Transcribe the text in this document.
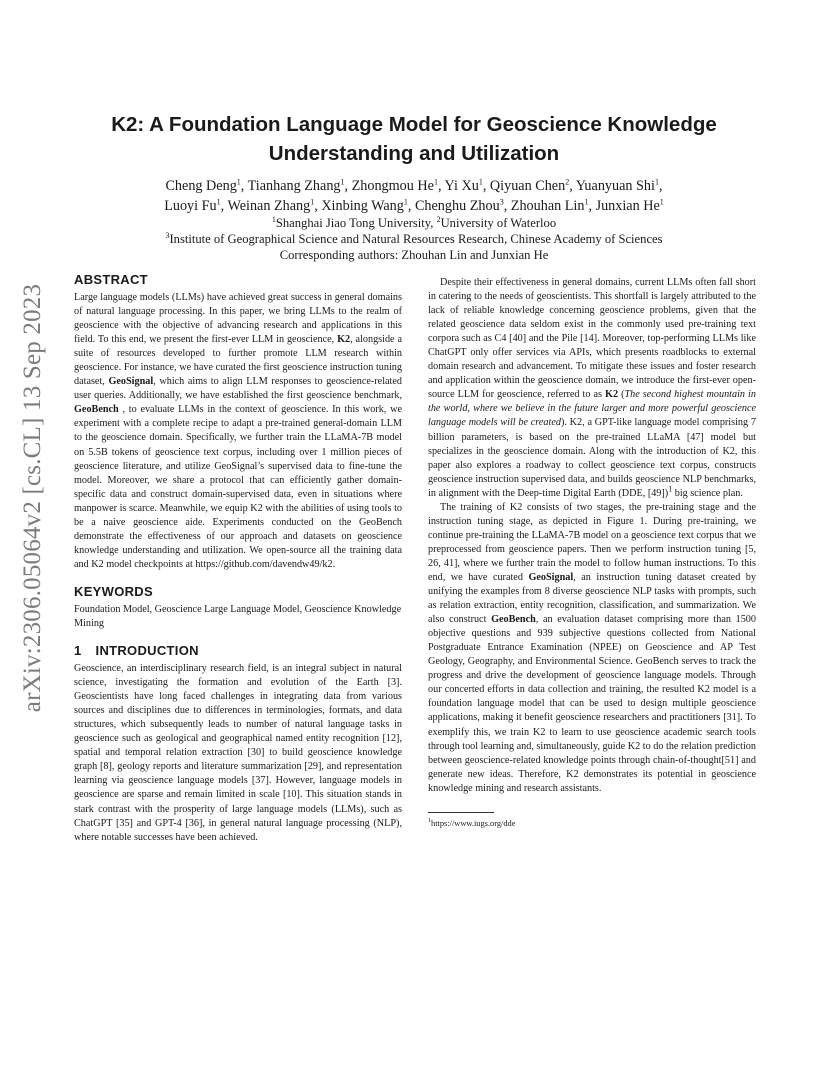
arXiv:2306.05064v2 [cs.CL] 13 Sep 2023
K2: A Foundation Language Model for Geoscience Knowledge Understanding and Utilization
Cheng Deng$^1$, Tianhang Zhang$^1$, Zhongmou He$^1$, Yi Xu$^1$, Qiyuan Chen$^2$, Yuanyuan Shi$^1$,
Luoyi Fu$^1$, Weinan Zhang$^1$, Xinbing Wang$^1$, Chenghu Zhou$^3$, Zhouhan Lin$^1$, Junxian He$^1$
$^1$Shanghai Jiao Tong University, $^2$University of Waterloo
$^3$Institute of Geographical Science and Natural Resources Research, Chinese Academy of Sciences
Corresponding authors: Zhouhan Lin and Junxian He
ABSTRACT

Large language models (LLMs) have achieved great success in general domains of natural language processing. In this paper, we bring LLMs to the realm of geoscience with the objective of advancing research and applications in this field. To this end, we present the first-ever LLM in geoscience, K2, alongside a suite of resources developed to further promote LLM research within geoscience. For instance, we have curated the first geoscience instruction tuning dataset, GeoSignal, which aims to align LLM responses to geoscience-related user queries. Additionally, we have established the first geoscience benchmark, GeoBench , to evaluate LLMs in the context of geoscience. In this work, we experiment with a complete recipe to adapt a pre-trained general-domain LLM to the geoscience domain. Specifically, we further train the LLaMA-7B model on 5.5B tokens of geoscience text corpus, including over 1 million pieces of geoscience literature, and utilize GeoSignal’s supervised data to fine-tune the model. Moreover, we share a protocol that can efficiently gather domain-specific data and construct domain-supervised data, even in situations where manpower is scarce. Meanwhile, we equip K2 with the abilities of using tools to be a naive geoscience aide. Experiments conducted on the GeoBench demonstrate the effectiveness of our approach and datasets on geoscience knowledge understanding and utilization. We open-source all the training data and K2 model checkpoints at https://github.com/davendw49/k2.

KEYWORDS

Foundation Model, Geoscience Large Language Model, Geoscience Knowledge Mining

1 INTRODUCTION

Geoscience, an interdisciplinary research field, is an integral subject in natural science, investigating the formation and evolution of the Earth [3]. Geoscientists have long faced challenges in integrating data from various sources and disciplines due to differences in terminologies, formats, and data structures, which subsequently leads to number of natural language tasks in geoscience such as geological and geographical named entity recognition [12], spatial and temporal relation extraction [30] to build geoscience knowledge graph [8], geology reports and literature summarization [29], and representation learning via geoscience language models [37]. However, language models in geoscience are sparse and remain limited in scale [10]. This situation stands in stark contrast with the prosperity of large language models (LLMs), such as ChatGPT [35] and GPT-4 [36], in general natural language processing (NLP), where notable successes have been achieved.

Despite their effectiveness in general domains, current LLMs often fall short in catering to the needs of geoscientists. This shortfall is largely attributed to the lack of reliable knowledge concerning geoscience problems, given that the related geoscience data seldom exist in the commonly used pre-training text corpora such as C4 [40] and the Pile [14]. Moreover, top-performing LLMs like ChatGPT only offer services via APIs, which presents roadblocks to external domain research and advancement. To mitigate these issues and foster research and application within the geoscience domain, we introduce the first-ever open-source LLM for geoscience, referred to as K2 (The second highest mountain in the world, where we believe in the future larger and more powerful geoscience language models will be created). K2, a GPT-like language model comprising 7 billion parameters, is based on the pre-trained LLaMA [47] model but specializes in the geoscience domain. Along with the introduction of K2, this paper also explores a roadway to collect geoscience text corpus, constructs geoscience instruction supervised data, and builds geoscience NLP benchmarks, in alignment with the Deep-time Digital Earth (DDE, [49])$^1$ big science plan.

The training of K2 consists of two stages, the pre-training stage and the instruction tuning stage, as depicted in Figure 1. During pre-training, we continue pre-training the LLaMA-7B model on a geoscience text corpus that we preprocessed from geoscience papers. Then we perform instruction tuning [5, 26, 41], where we further train the model to follow human instructions. To this end, we have curated GeoSignal, an instruction tuning dataset created by unifying the examples from 8 diverse geoscience NLP tasks with prompts, such as relation extraction, entity recognition, classification, and summarization. We also construct GeoBench, an evaluation dataset comprising more than 1500 objective questions and 939 subjective questions collected from National Postgraduate Entrance Examination (NPEE) on Geoscience and AP Test Geology, Geography, and Environmental Science. GeoBench serves to track the progress and drive the development of geoscience language models. Through our concerted efforts in data collection and training, the resulted K2 model is a foundation language model that can be used to design multiple geoscience applications, making it benefit geoscience researchers and practitioners [31]. To exemplify this, we train K2 to learn to use geoscience academic search tools through tool learning and, simultaneously, guide K2 to do the relation prediction between geoscience-related knowledge points through chain-of-thought[51] and generate new ideas. Therefore, K2 demonstrates its potential in geoscience knowledge mining and research assistants.

$^1$https://www.iugs.org/dde
